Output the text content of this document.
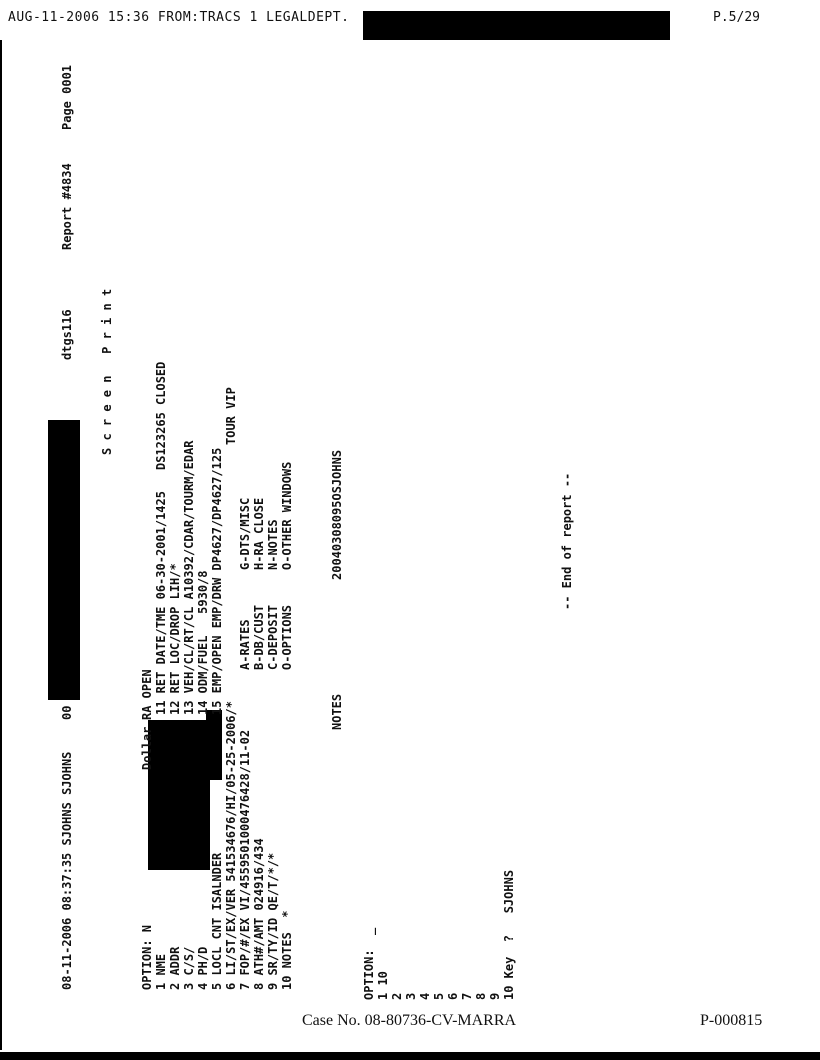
AUG-11-2006 15:36 FROM:TRACS 1 LEGALDEPT.	P.5/29
08-11-2006 08:37:35 SJOHNS SJOHNS
00
S c r e e n   P r i n t
dtgs116
Report #4834
Page 0001
OPTION: N 1 NME 2 ADDR 3 C/S/ 4 PH/D 5 LOCL CNT ISALNDER 6 LI/ST/EX/VER 541534676/HI/05-25-2006/* 7 FOP/#/EX VI/4559501000476428/11-02 8 ATH#/AMT 024916/434 9 SR/TY/ID QE/T/*/* 10 NOTES  *
Dollar
RA OPEN 11 RET DATE/TME 06-30-2001/1425 12 RET LOC/DROP LIH/* 13 VEH/CL/RT/CL A10392/CDAR/TOURM/EDAR 14 ODM/FUEL   5930/8 15 EMP/OPEN EMP/DRW DP4627/DP4627/125
DS123265 CLOSED	TOUR VIP
A-RATES B-DB/CUST C-DEPOSIT O-OPTIONS
G-DTS/MISC H-RA CLOSE N-NOTES O-OTHER WINDOWS
NOTES
20040308095OSJOHNS
OPTION:  _ 1 10 2 3 4 5 6 7 8 9 10 Key  ?   SJOHNS
-- End of report --
Case No. 08-80736-CV-MARRA	P-000815
